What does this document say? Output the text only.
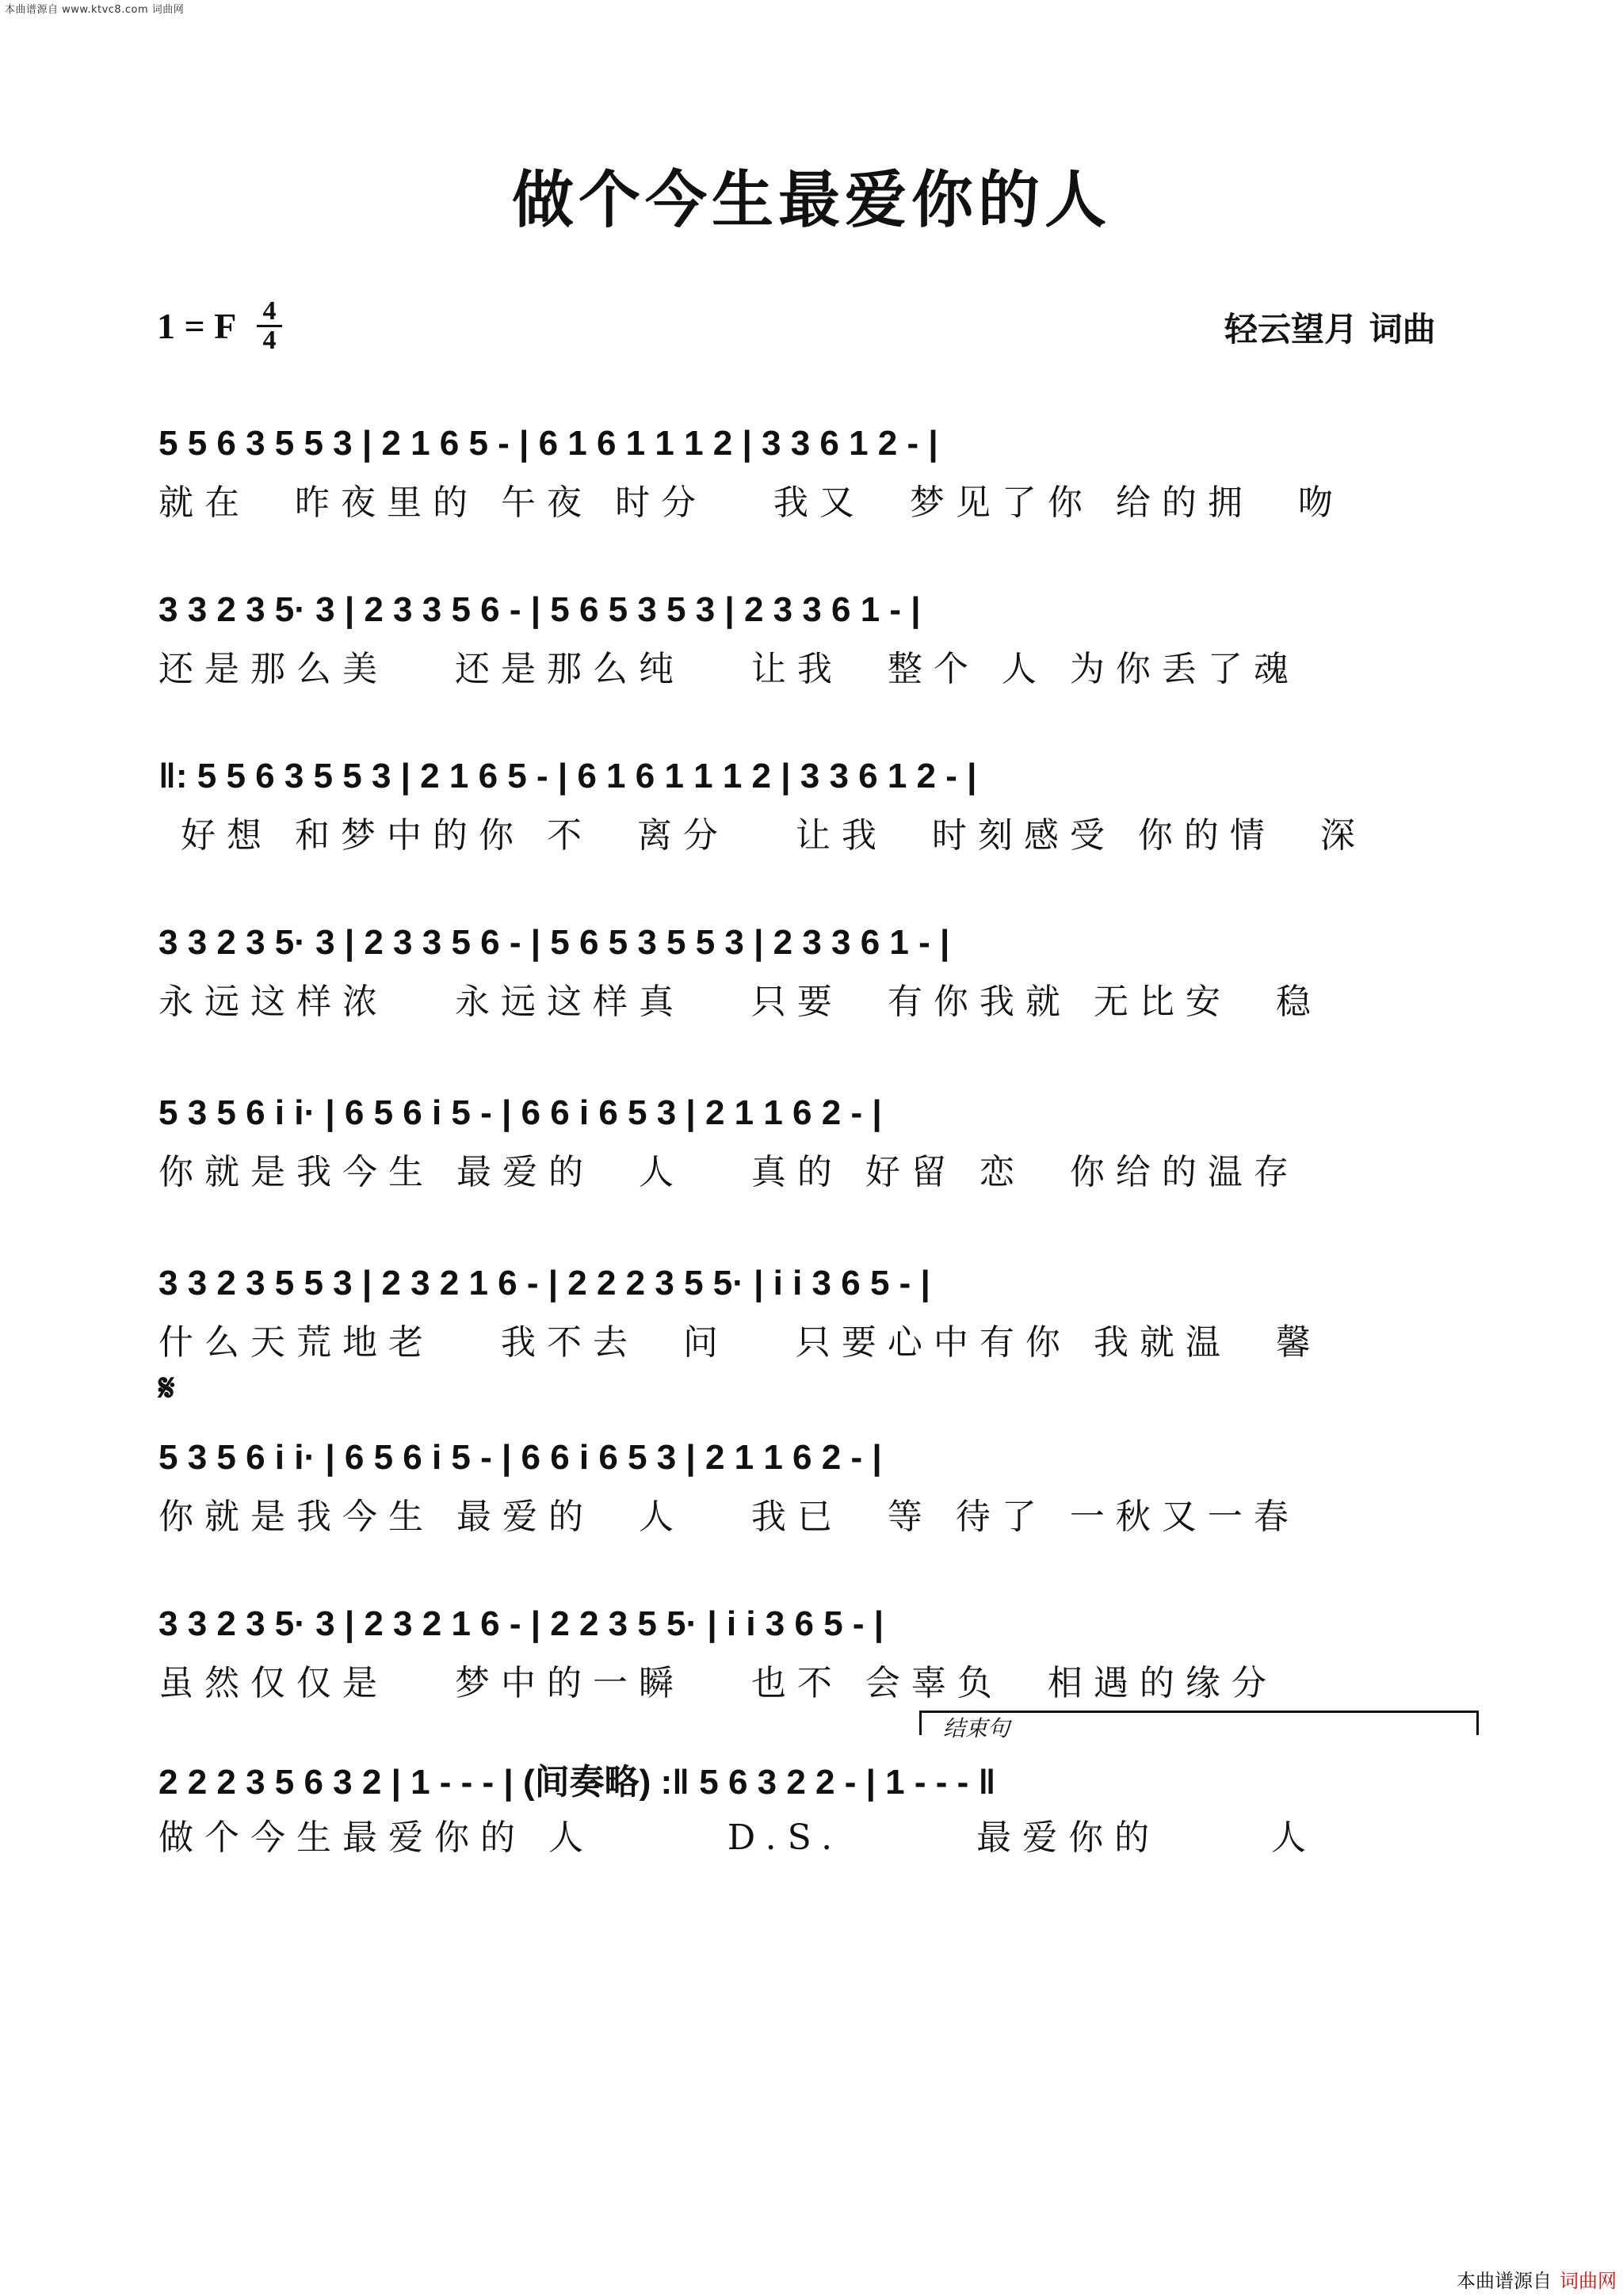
本曲谱源自 www.ktvc8.com 词曲网
做个今生最爱你的人
1 = F 4
4	轻云望月 词曲
5 5 6 3 5 5 3 | 2 1 6 5 - | 6 1 6 1 1 1 2 | 3 3 6 1 2 - |
就在  昨夜里的 午夜 时分   我又  梦见了你 给的拥  吻
3 3 2 3 5· 3 | 2 3 3 5 6 - | 5 6 5 3 5 3 | 2 3 3 6 1 - |
还是那么美   还是那么纯   让我  整个 人 为你丢了魂
‖: 5 5 6 3 5 5 3 | 2 1 6 5 - | 6 1 6 1 1 1 2 | 3 3 6 1 2 - |
好想 和梦中的你 不  离分   让我  时刻感受 你的情  深
3 3 2 3 5· 3 | 2 3 3 5 6 - | 5 6 5 3 5 5 3 | 2 3 3 6 1 - |
永远这样浓   永远这样真   只要  有你我就 无比安  稳
5 3 5 6 i i· | 6 5 6 i 5 - | 6 6 i 6 5 3 | 2 1 1 6 2 - |
你就是我今生 最爱的  人   真的 好留 恋  你给的温存
3 3 2 3 5 5 3 | 2 3 2 1 6 - | 2 2 2 3 5 5· | i i 3 6 5 - |
什么天荒地老   我不去  问   只要心中有你 我就温  馨
5 3 5 6 i i· | 6 5 6 i 5 - | 6 6 i 6 5 3 | 2 1 1 6 2 - |
你就是我今生 最爱的  人   我已  等 待了 一秋又一春
3 3 2 3 5· 3 | 2 3 2 1 6 - | 2 2 3 5 5· | i i 3 6 5 - |
虽然仅仅是   梦中的一瞬   也不 会辜负  相遇的缘分
2 2 2 3 5 6 3 2 | 1 - - - | (间奏略) :‖ 5 6 3 2 2 - | 1 - - - ‖
做个今生最爱你的 人      D.S.      最爱你的     人
𝄋
结束句
本曲谱源自 词曲网
